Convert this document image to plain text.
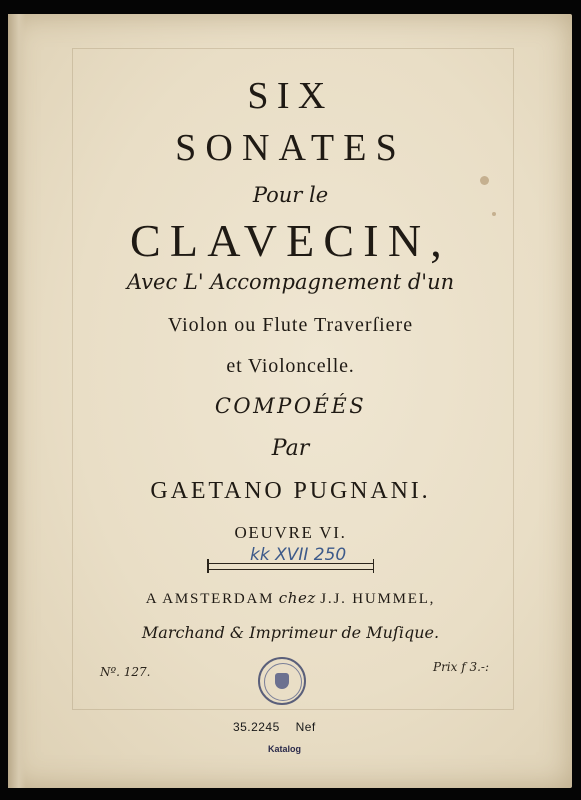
SIX
SONATES
Pour le
CLAVECIN,
Avec L' Accompagnement d'un
Violon ou Flute Traverſiere
et Violoncelle.
COMPOÉÉS
Par
GAETANO PUGNANI.
OEUVRE VI.
kk XVII 250
A AMSTERDAM chez J.J. HUMMEL,
Marchand & Imprimeur de Muſique.
Nº. 127.	Prix f 3.-:
35.2245 Nef
Katalog
